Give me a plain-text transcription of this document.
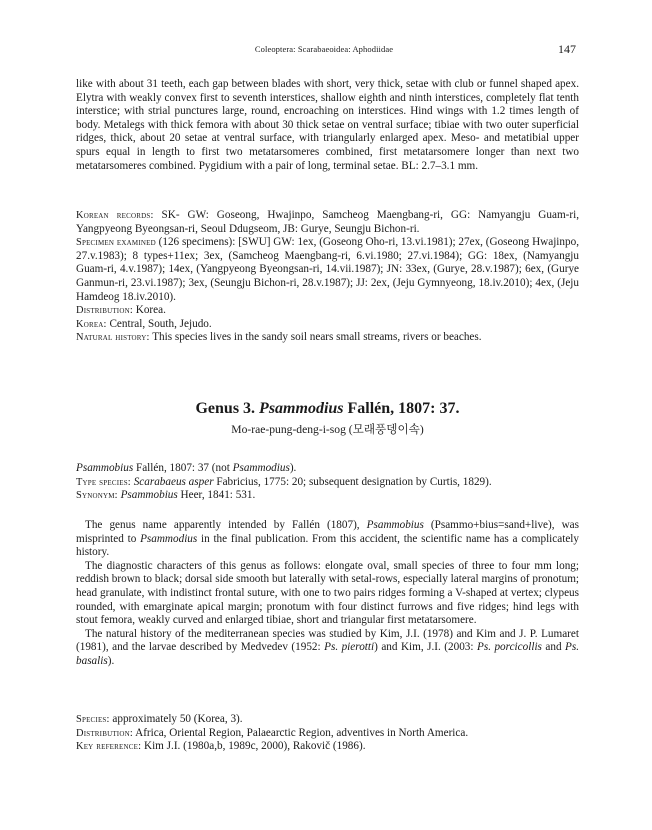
Coleoptera: Scarabaeoidea: Aphodiidae	147

like with about 31 teeth, each gap between blades with short, very thick, setae with club or funnel shaped apex. Elytra with weakly convex first to seventh interstices, shallow eighth and ninth interstices, completely flat tenth interstice; with strial punctures large, round, encroaching on interstices. Hind wings with 1.2 times length of body. Metalegs with thick femora with about 30 thick setae on ventral surface; tibiae with two outer superficial ridges, thick, about 20 setae at ventral surface, with triangularly enlarged apex. Meso- and metatibial upper spurs equal in length to first two metatarsomeres combined, first metatarsomere longer than next two metatarsomeres combined. Pygidium with a pair of long, terminal setae. BL: 2.7–3.1 mm.

Korean records: SK- GW: Goseong, Hwajinpo, Samcheog Maengbang-ri, GG: Namyangju Guam-ri, Yangpyeong Byeongsan-ri, Seoul Ddugseom, JB: Gurye, Seungju Bichon-ri.

Specimen examined (126 specimens): [SWU] GW: 1ex, (Goseong Oho-ri, 13.vi.1981); 27ex, (Goseong Hwajinpo, 27.v.1983); 8 types+11ex; 3ex, (Samcheog Maengbang-ri, 6.vi.1980; 27.vi.1984); GG: 18ex, (Namyangju Guam-ri, 4.v.1987); 14ex, (Yangpyeong Byeongsan-ri, 14.vii.1987); JN: 33ex, (Gurye, 28.v.1987); 6ex, (Gurye Ganmun-ri, 23.vi.1987); 3ex, (Seungju Bichon-ri, 28.v.1987); JJ: 2ex, (Jeju Gymnyeong, 18.iv.2010); 4ex, (Jeju Hamdeog 18.iv.2010).

Distribution: Korea.

Korea: Central, South, Jejudo.

Natural history: This species lives in the sandy soil nears small streams, rivers or beaches.

Genus 3. Psammodius Fallén, 1807: 37.
Mo-rae-pung-deng-i-sog (모래풍뎅이속)

Psammobius Fallén, 1807: 37 (not Psammodius).

Type species: Scarabaeus asper Fabricius, 1775: 20; subsequent designation by Curtis, 1829).

Synonym: Psammobius Heer, 1841: 531.

The genus name apparently intended by Fallén (1807), Psammobius (Psammo+bius=sand+live), was misprinted to Psammodius in the final publication. From this accident, the scientific name has a complicately history.

The diagnostic characters of this genus as follows: elongate oval, small species of three to four mm long; reddish brown to black; dorsal side smooth but laterally with setal-rows, especially lateral margins of pronotum; head granulate, with indistinct frontal suture, with one to two pairs ridges forming a V-shaped at vertex; clypeus rounded, with emarginate apical margin; pronotum with four distinct furrows and five ridges; hind legs with stout femora, weakly curved and enlarged tibiae, short and triangular first metatarsomere.

The natural history of the mediterranean species was studied by Kim, J.I. (1978) and Kim and J. P. Lumaret (1981), and the larvae described by Medvedev (1952: Ps. pierotti) and Kim, J.I. (2003: Ps. porcicollis and Ps. basalis).

Species: approximately 50 (Korea, 3).

Distribution: Africa, Oriental Region, Palaearctic Region, adventives in North America.

Key reference: Kim J.I. (1980a,b, 1989c, 2000), Rakovič (1986).
